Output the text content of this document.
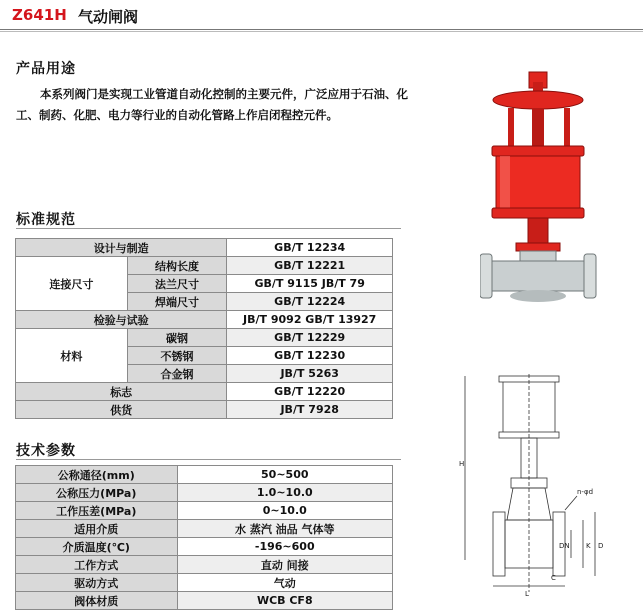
Z641H 气动闸阀
产品用途

本系列阀门是实现工业管道自动化控制的主要元件，广泛应用于石油、化工、制药、化肥、电力等行业的自动化管路上作启闭程控元件。

标准规范
设计与制造		GB/T 12234
连接尺寸	结构长度	GB/T 12221
	法兰尺寸	GB/T 9115 JB/T 79
	焊端尺寸	GB/T 12224
检验与试验		JB/T 9092 GB/T 13927
材料	碳钢	GB/T 12229
	不锈钢	GB/T 12230
	合金钢	JB/T 5263
标志		GB/T 12220
供货		JB/T 7928
技术参数
公称通径(mm)	50~500
公称压力(MPa)	1.0~10.0
工作压差(MPa)	0~10.0
适用介质	水 蒸汽 油品 气体等
介质温度(℃)	-196~600
工作方式	直动 间接
驱动方式	气动
阀体材质	WCB CF8
H
n-φd
DN	D
K
C
L
